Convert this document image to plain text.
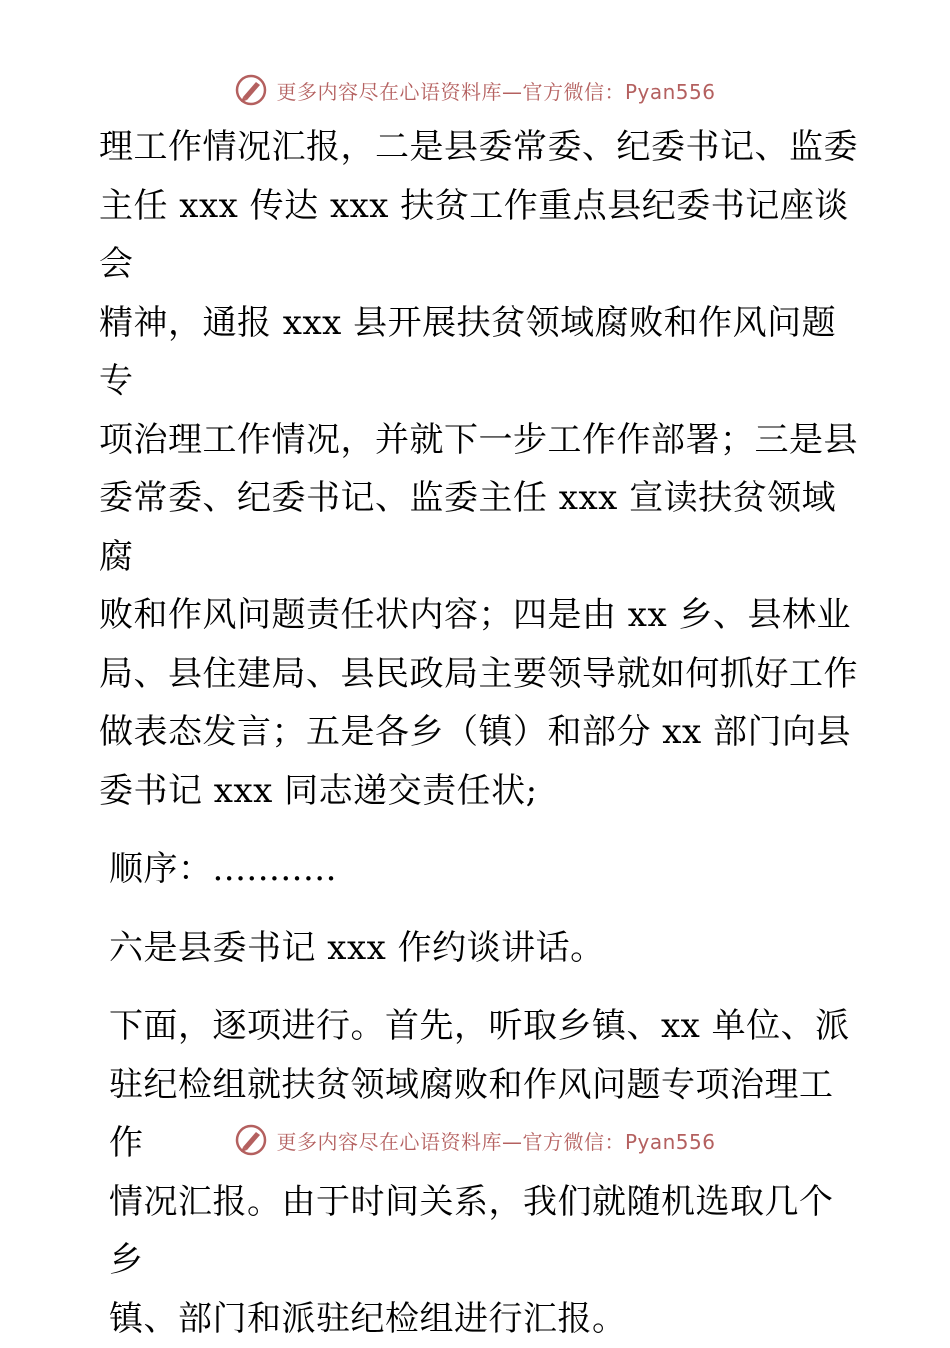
更多内容尽在心语资料库—官方微信：Pyan556

理工作情况汇报，二是县委常委、纪委书记、监委
主任 xxx 传达 xxx 扶贫工作重点县纪委书记座谈会
精神，通报 xxx 县开展扶贫领域腐败和作风问题专
项治理工作情况，并就下一步工作作部署；三是县
委常委、纪委书记、监委主任 xxx 宣读扶贫领域腐
败和作风问题责任状内容；四是由 xx 乡、县林业
局、县住建局、县民政局主要领导就如何抓好工作
做表态发言；五是各乡（镇）和部分 xx 部门向县
委书记 xxx 同志递交责任状;

顺序：...........

六是县委书记 xxx 作约谈讲话。

下面，逐项进行。首先，听取乡镇、xx 单位、派
驻纪检组就扶贫领域腐败和作风问题专项治理工作
情况汇报。由于时间关系，我们就随机选取几个乡
镇、部门和派驻纪检组进行汇报。

更多内容尽在心语资料库—官方微信：Pyan556
